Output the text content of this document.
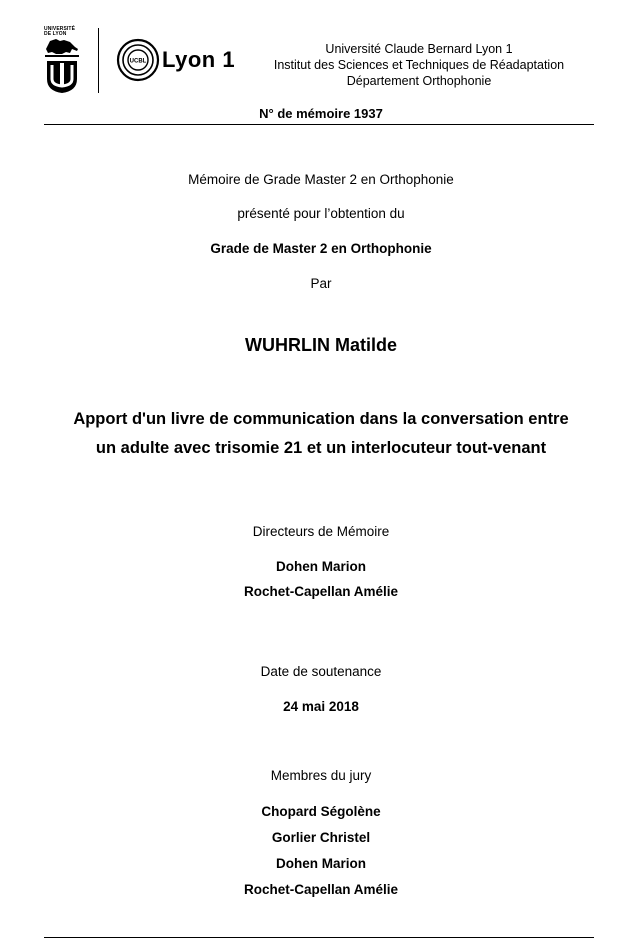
UNIVERSITÉ
DE LYON
UCBL Lyon 1	Université Claude Bernard Lyon 1
Institut des Sciences et Techniques de Réadaptation
Département Orthophonie
N° de mémoire 1937
Mémoire de Grade Master 2 en Orthophonie
présenté pour l’obtention du
Grade de Master 2 en Orthophonie
Par
WUHRLIN Matilde
Apport d'un livre de communication dans la conversation entre
un adulte avec trisomie 21 et un interlocuteur tout-venant
Directeurs de Mémoire
Dohen Marion
Rochet-Capellan Amélie
Date de soutenance
24 mai 2018
Membres du jury
Chopard Ségolène
Gorlier Christel
Dohen Marion
Rochet-Capellan Amélie
